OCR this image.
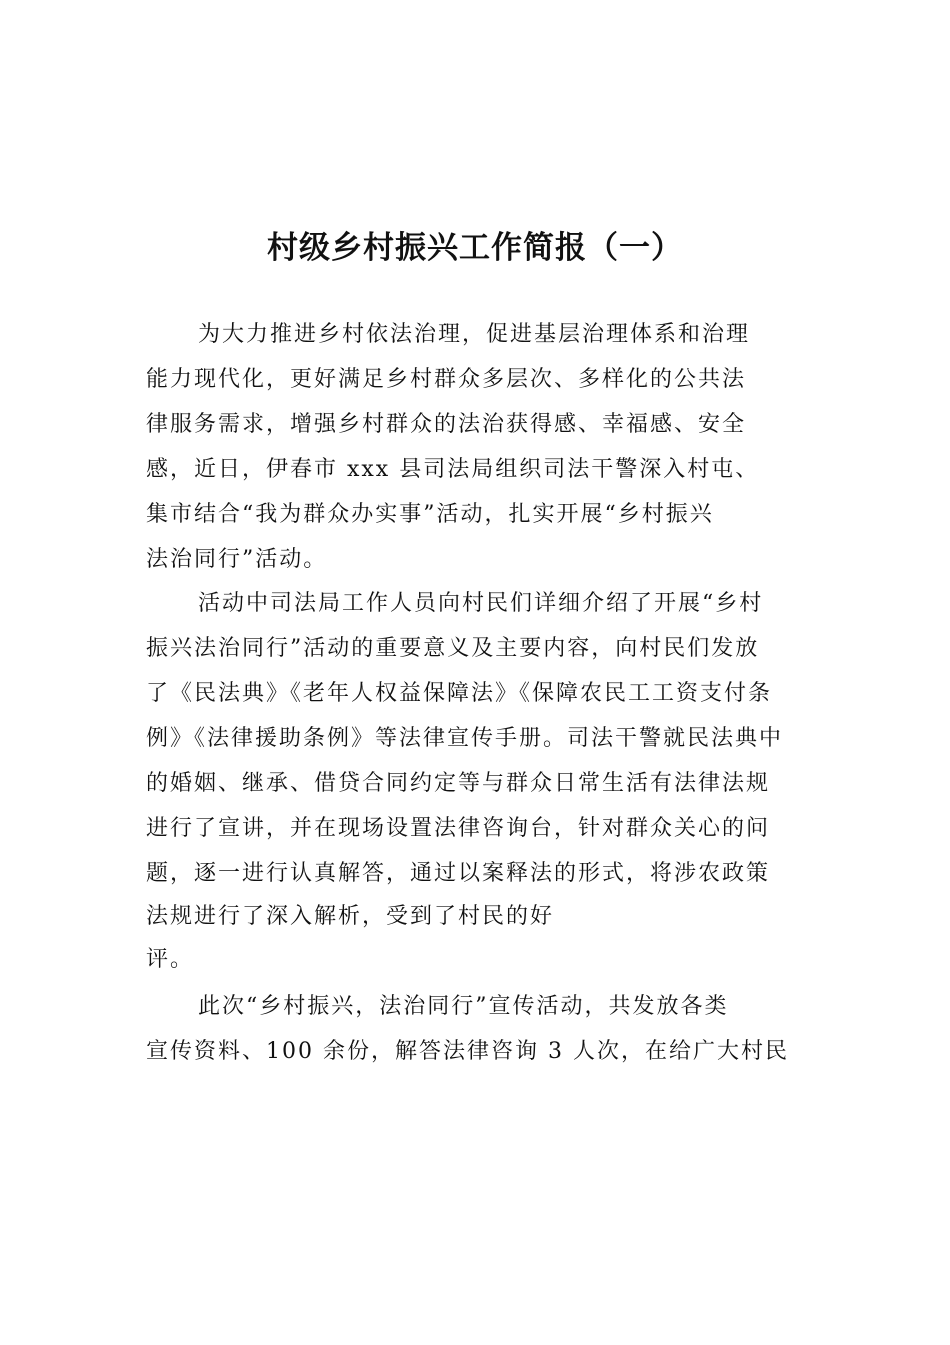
村级乡村振兴工作简报（一）

为大力推进乡村依法治理，促进基层治理体系和治理

能力现代化，更好满足乡村群众多层次、多样化的公共法

律服务需求，增强乡村群众的法治获得感、幸福感、安全

感，近日，伊春市 xxx 县司法局组织司法干警深入村屯、

集市结合“我为群众办实事”活动，扎实开展“乡村振兴

法治同行”活动。

活动中司法局工作人员向村民们详细介绍了开展“乡村

振兴法治同行”活动的重要意义及主要内容，向村民们发放

了《民法典》《老年人权益保障法》《保障农民工工资支付条

例》《法律援助条例》等法律宣传手册。司法干警就民法典中

的婚姻、继承、借贷合同约定等与群众日常生活有法律法规

进行了宣讲，并在现场设置法律咨询台，针对群众关心的问

题，逐一进行认真解答，通过以案释法的形式，将涉农政策

法规进行了深入解析，受到了村民的好

评。

此次“乡村振兴，法治同行”宣传活动，共发放各类

宣传资料、100 余份，解答法律咨询 3 人次，在给广大村民
